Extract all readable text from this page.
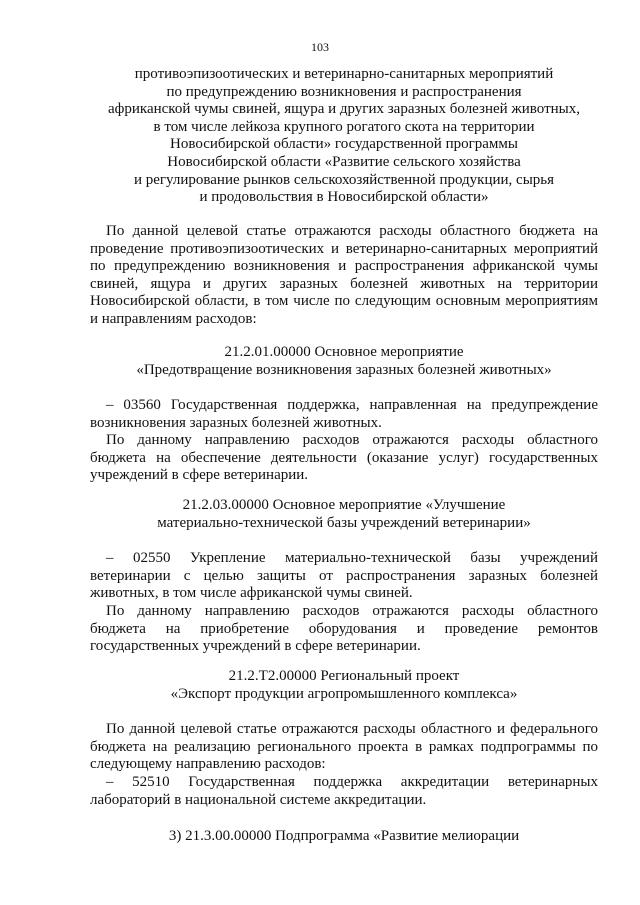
103
противоэпизоотических и ветеринарно-санитарных мероприятий
по предупреждению возникновения и распространения
африканской чумы свиней, ящура и других заразных болезней животных,
в том числе лейкоза крупного рогатого скота на территории
Новосибирской области» государственной программы
Новосибирской области «Развитие сельского хозяйства
и регулирование рынков сельскохозяйственной продукции, сырья
и продовольствия в Новосибирской области»

По данной целевой статье отражаются расходы областного бюджета на проведение противоэпизоотических и ветеринарно-санитарных мероприятий по предупреждению возникновения и распространения африканской чумы свиней, ящура и других заразных болезней животных на территории Новосибирской области, в том числе по следующим основным мероприятиям и направлениям расходов:

21.2.01.00000 Основное мероприятие
«Предотвращение возникновения заразных болезней животных»

– 03560 Государственная поддержка, направленная на предупреждение возникновения заразных болезней животных.

По данному направлению расходов отражаются расходы областного бюджета на обеспечение деятельности (оказание услуг) государственных учреждений в сфере ветеринарии.

21.2.03.00000 Основное мероприятие «Улучшение
материально-технической базы учреждений ветеринарии»

– 02550 Укрепление материально-технической базы учреждений ветеринарии с целью защиты от распространения заразных болезней животных, в том числе африканской чумы свиней.

По данному направлению расходов отражаются расходы областного бюджета на приобретение оборудования и проведение ремонтов государственных учреждений в сфере ветеринарии.

21.2.Т2.00000 Региональный проект
«Экспорт продукции агропромышленного комплекса»

По данной целевой статье отражаются расходы областного и федерального бюджета на реализацию регионального проекта в рамках подпрограммы по следующему направлению расходов:

– 52510 Государственная поддержка аккредитации ветеринарных лабораторий в национальной системе аккредитации.

3) 21.3.00.00000 Подпрограмма «Развитие мелиорации
